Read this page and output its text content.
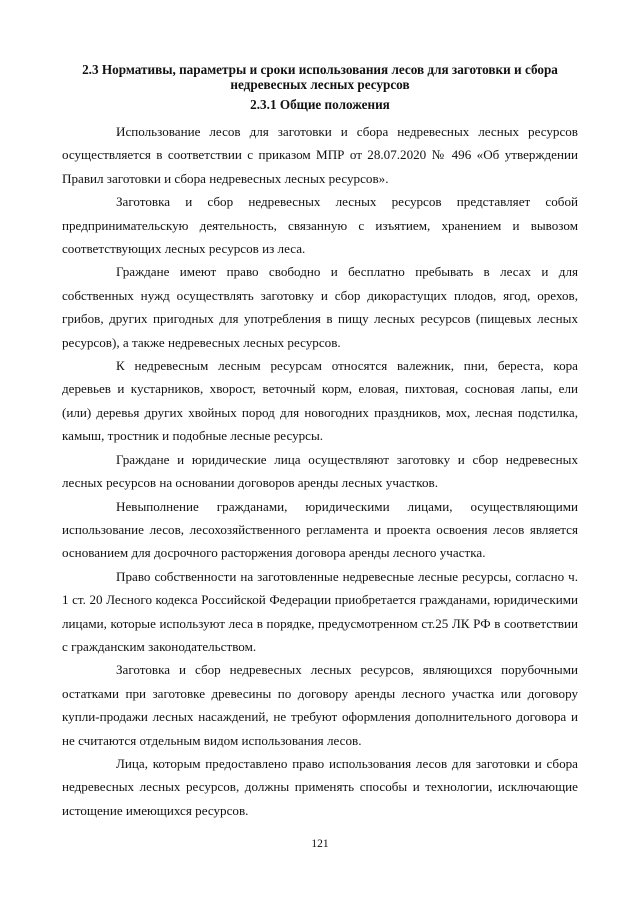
2.3 Нормативы, параметры и сроки использования лесов для заготовки и сбора недревесных лесных ресурсов
2.3.1 Общие положения

Использование лесов для заготовки и сбора недревесных лесных ресурсов осуществляется в соответствии с приказом МПР от 28.07.2020 № 496 «Об утверждении Правил заготовки и сбора недревесных лесных ресурсов».

Заготовка и сбор недревесных лесных ресурсов представляет собой предпринимательскую деятельность, связанную с изъятием, хранением и вывозом соответствующих лесных ресурсов из леса.

Граждане имеют право свободно и бесплатно пребывать в лесах и для собственных нужд осуществлять заготовку и сбор дикорастущих плодов, ягод, орехов, грибов, других пригодных для употребления в пищу лесных ресурсов (пищевых лесных ресурсов), а также недревесных лесных ресурсов.

К недревесным лесным ресурсам относятся валежник, пни, береста, кора деревьев и кустарников, хворост, веточный корм, еловая, пихтовая, сосновая лапы, ели (или) деревья других хвойных пород для новогодних праздников, мох, лесная подстилка, камыш, тростник и подобные лесные ресурсы.

Граждане и юридические лица осуществляют заготовку и сбор недревесных лесных ресурсов на основании договоров аренды лесных участков.

Невыполнение гражданами, юридическими лицами, осуществляющими использование лесов, лесохозяйственного регламента и проекта освоения лесов является основанием для досрочного расторжения договора аренды лесного участка.

Право собственности на заготовленные недревесные лесные ресурсы, согласно ч. 1 ст. 20 Лесного кодекса Российской Федерации приобретается гражданами, юридическими лицами, которые используют леса в порядке, предусмотренном ст.25 ЛК РФ в соответствии с гражданским законодательством.

Заготовка и сбор недревесных лесных ресурсов, являющихся порубочными остатками при заготовке древесины по договору аренды лесного участка или договору купли-продажи лесных насаждений, не требуют оформления дополнительного договора и не считаются отдельным видом использования лесов.

Лица, которым предоставлено право использования лесов для заготовки и сбора недревесных лесных ресурсов, должны применять способы и технологии, исключающие истощение имеющихся ресурсов.

121
